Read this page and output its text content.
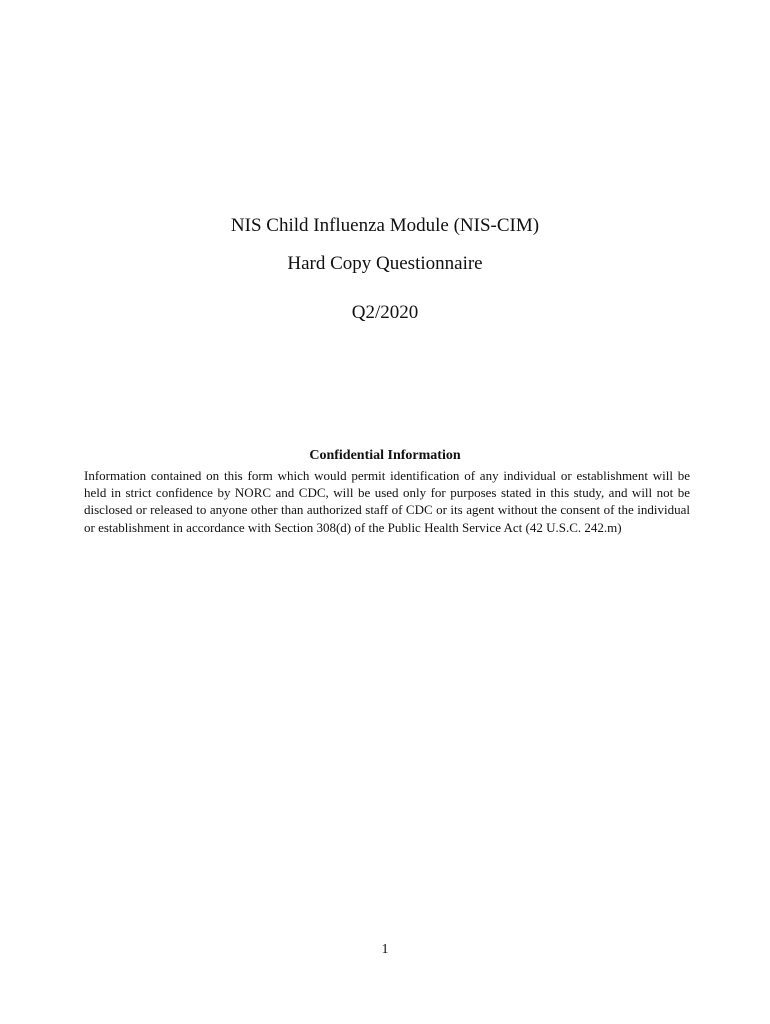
NIS Child Influenza Module (NIS-CIM)
Hard Copy Questionnaire
Q2/2020
Confidential Information
Information contained on this form which would permit identification of any individual or establishment will be held in strict confidence by NORC and CDC, will be used only for purposes stated in this study, and will not be disclosed or released to anyone other than authorized staff of CDC or its agent without the consent of the individual or establishment in accordance with Section 308(d) of the Public Health Service Act (42 U.S.C. 242.m)
1
